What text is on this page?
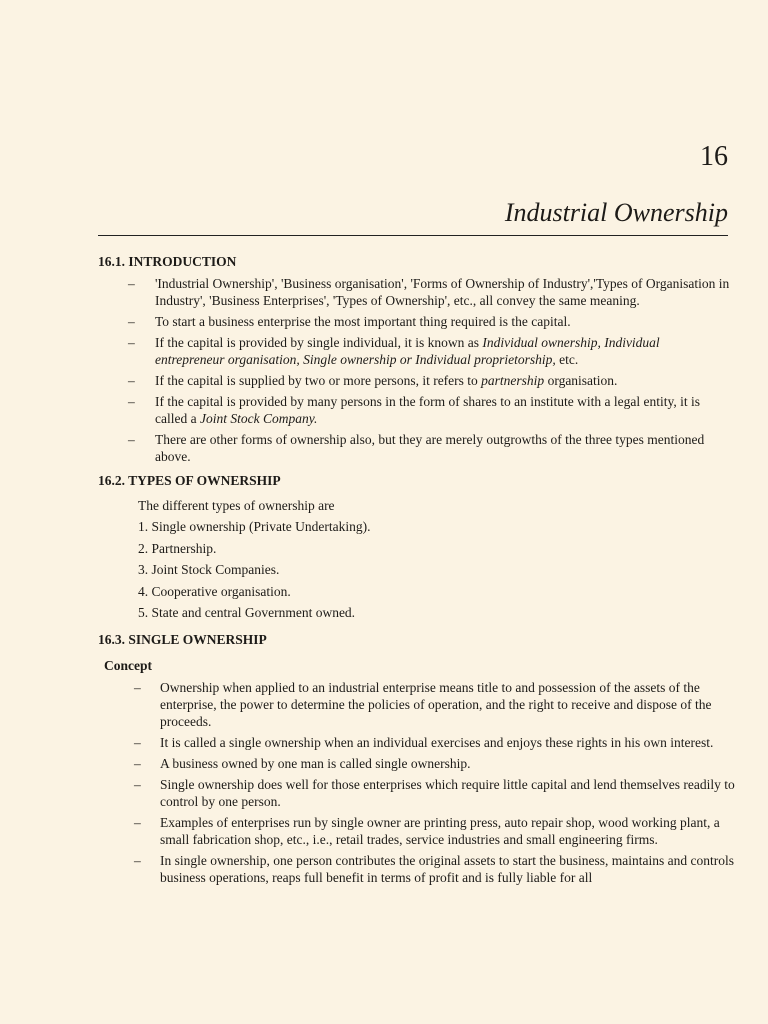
16
Industrial Ownership
16.1. INTRODUCTION
– 'Industrial Ownership', 'Business organisation', 'Forms of Ownership of Industry','Types of Organisation in Industry', 'Business Enterprises', 'Types of Ownership', etc., all convey the same meaning.
– To start a business enterprise the most important thing required is the capital.
– If the capital is provided by single individual, it is known as Individual ownership, Individual entrepreneur organisation, Single ownership or Individual proprietorship, etc.
– If the capital is supplied by two or more persons, it refers to partnership organisation.
– If the capital is provided by many persons in the form of shares to an institute with a legal entity, it is called a Joint Stock Company.
– There are other forms of ownership also, but they are merely outgrowths of the three types mentioned above.
16.2. TYPES OF OWNERSHIP
The different types of ownership are
1. Single ownership (Private Undertaking).
2. Partnership.
3. Joint Stock Companies.
4. Cooperative organisation.
5. State and central Government owned.
16.3. SINGLE OWNERSHIP
Concept
– Ownership when applied to an industrial enterprise means title to and possession of the assets of the enterprise, the power to determine the policies of operation, and the right to receive and dispose of the proceeds.
– It is called a single ownership when an individual exercises and enjoys these rights in his own interest.
– A business owned by one man is called single ownership.
– Single ownership does well for those enterprises which require little capital and lend themselves readily to control by one person.
– Examples of enterprises run by single owner are printing press, auto repair shop, wood working plant, a small fabrication shop, etc., i.e., retail trades, service industries and small engineering firms.
– In single ownership, one person contributes the original assets to start the business, maintains and controls business operations, reaps full benefit in terms of profit and is fully liable for all
